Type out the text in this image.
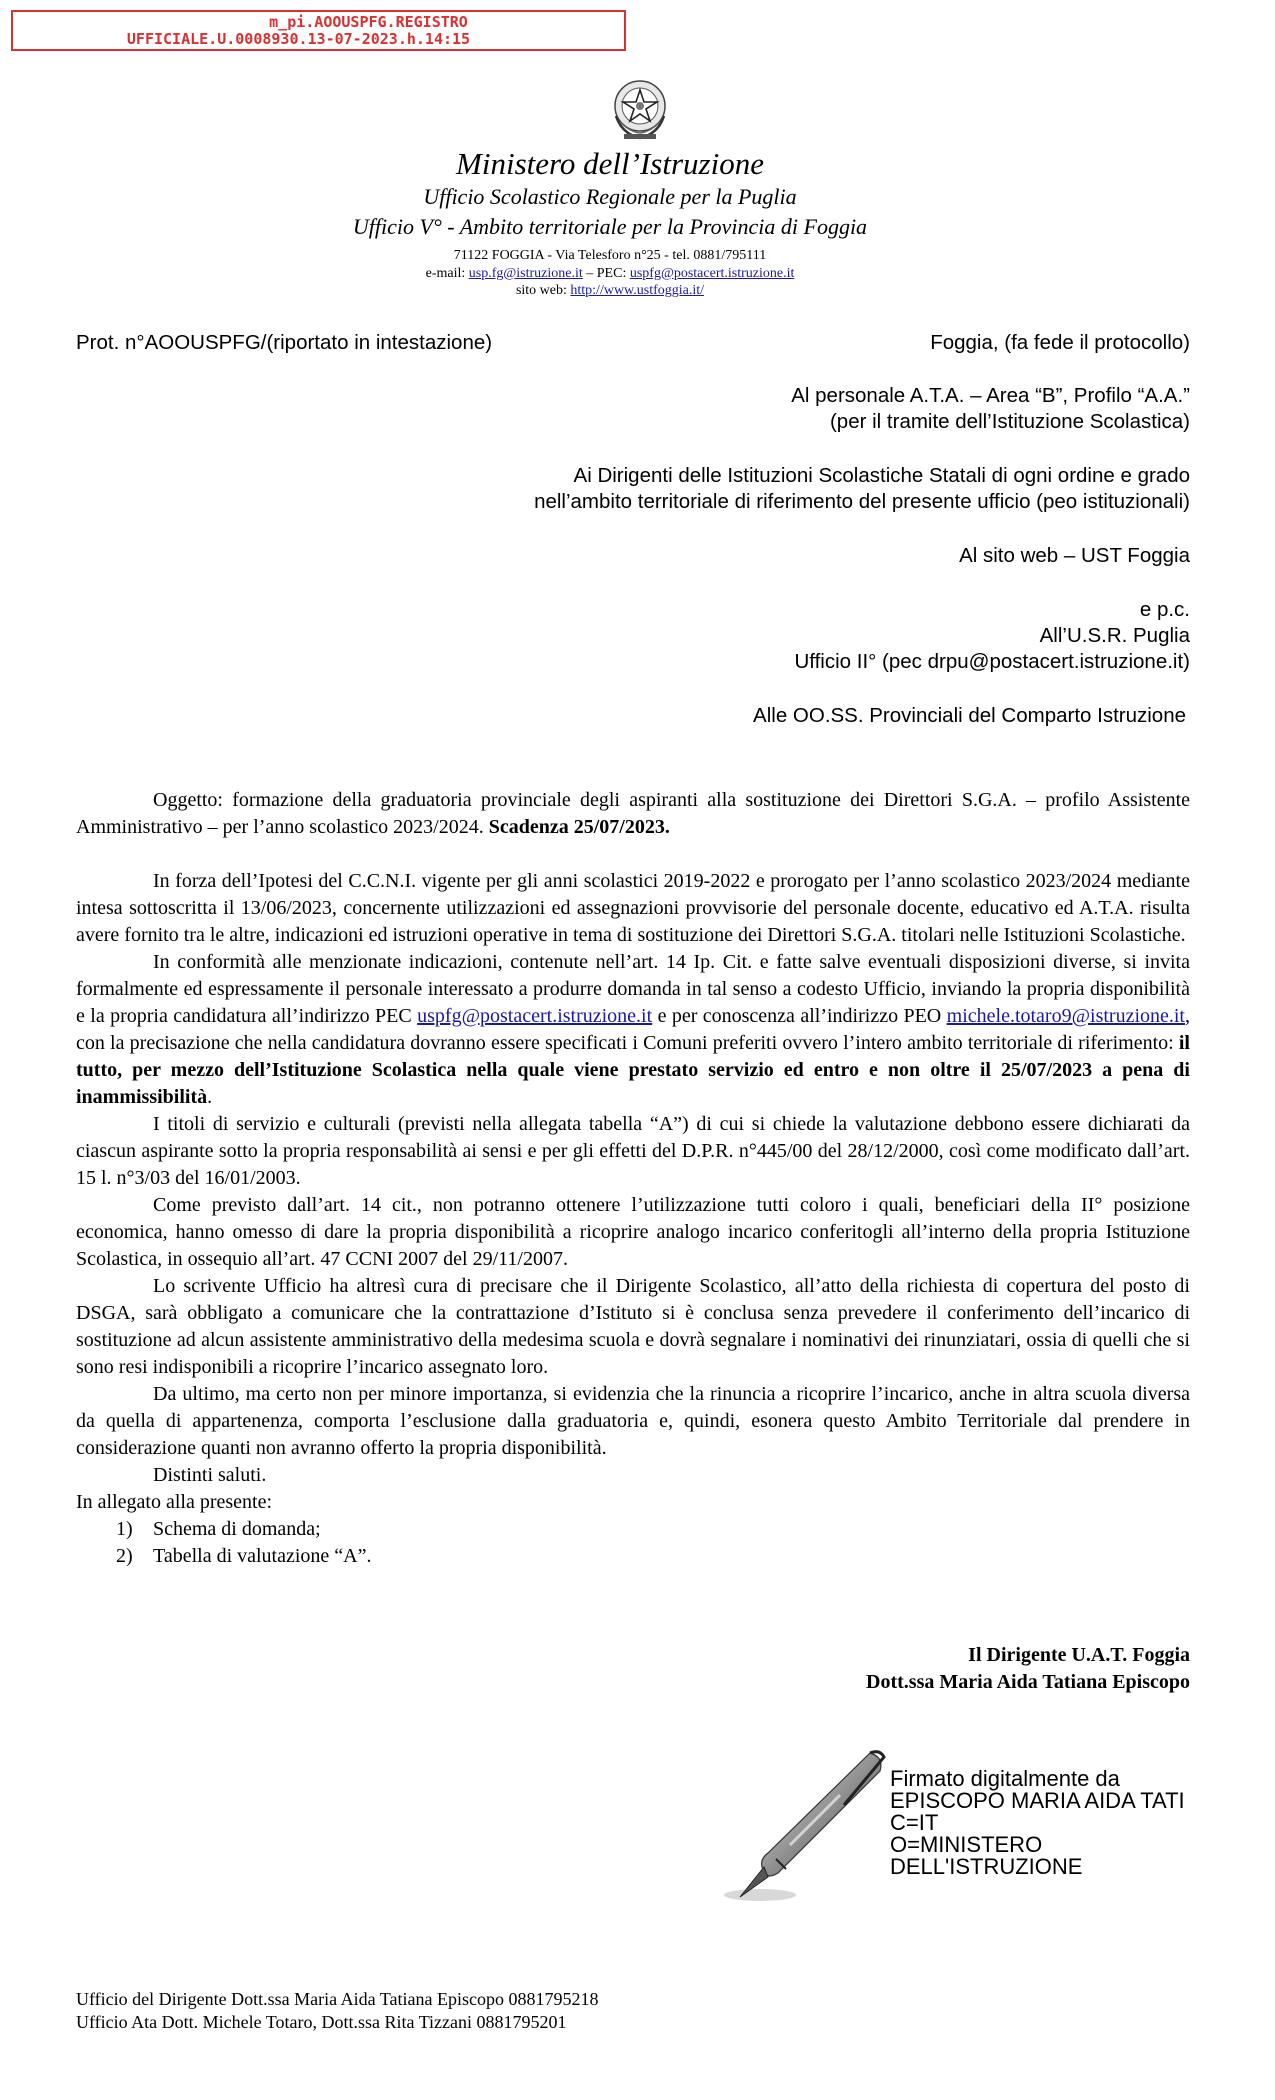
m_pi.AOOUSPFG.REGISTRO
UFFICIALE.U.0008930.13-07-2023.h.14:15
Ministero dell’Istruzione
Ufficio Scolastico Regionale per la Puglia
Ufficio V° - Ambito territoriale per la Provincia di Foggia
71122 FOGGIA - Via Telesforo n°25 - tel. 0881/795111
e-mail: usp.fg@istruzione.it – PEC: uspfg@postacert.istruzione.it
sito web: http://www.ustfoggia.it/
Prot. n°AOOUSPFG/(riportato in intestazione)	Foggia, (fa fede il protocollo)
Al personale A.T.A. – Area “B”, Profilo “A.A.”
(per il tramite dell’Istituzione Scolastica)
Ai Dirigenti delle Istituzioni Scolastiche Statali di ogni ordine e grado
nell’ambito territoriale di riferimento del presente ufficio (peo istituzionali)
Al sito web – UST Foggia
e p.c.
All’U.S.R. Puglia
Ufficio II° (pec drpu@postacert.istruzione.it)
Alle OO.SS. Provinciali del Comparto Istruzione

Oggetto: formazione della graduatoria provinciale degli aspiranti alla sostituzione dei Direttori S.G.A. – profilo Assistente Amministrativo – per l’anno scolastico 2023/2024. Scadenza 25/07/2023.

In forza dell’Ipotesi del C.C.N.I. vigente per gli anni scolastici 2019-2022 e prorogato per l’anno scolastico 2023/2024 mediante intesa sottoscritta il 13/06/2023, concernente utilizzazioni ed assegnazioni provvisorie del personale docente, educativo ed A.T.A. risulta avere fornito tra le altre, indicazioni ed istruzioni operative in tema di sostituzione dei Direttori S.G.A. titolari nelle Istituzioni Scolastiche.

In conformità alle menzionate indicazioni, contenute nell’art. 14 Ip. Cit. e fatte salve eventuali disposizioni diverse, si invita formalmente ed espressamente il personale interessato a produrre domanda in tal senso a codesto Ufficio, inviando la propria disponibilità e la propria candidatura all’indirizzo PEC uspfg@postacert.istruzione.it e per conoscenza all’indirizzo PEO michele.totaro9@istruzione.it, con la precisazione che nella candidatura dovranno essere specificati i Comuni preferiti ovvero l’intero ambito territoriale di riferimento: il tutto, per mezzo dell’Istituzione Scolastica nella quale viene prestato servizio ed entro e non oltre il 25/07/2023 a pena di inammissibilità.

I titoli di servizio e culturali (previsti nella allegata tabella “A”) di cui si chiede la valutazione debbono essere dichiarati da ciascun aspirante sotto la propria responsabilità ai sensi e per gli effetti del D.P.R. n°445/00 del 28/12/2000, così come modificato dall’art. 15 l. n°3/03 del 16/01/2003.

Come previsto dall’art. 14 cit., non potranno ottenere l’utilizzazione tutti coloro i quali, beneficiari della II° posizione economica, hanno omesso di dare la propria disponibilità a ricoprire analogo incarico conferitogli all’interno della propria Istituzione Scolastica, in ossequio all’art. 47 CCNI 2007 del 29/11/2007.

Lo scrivente Ufficio ha altresì cura di precisare che il Dirigente Scolastico, all’atto della richiesta di copertura del posto di DSGA, sarà obbligato a comunicare che la contrattazione d’Istituto si è conclusa senza prevedere il conferimento dell’incarico di sostituzione ad alcun assistente amministrativo della medesima scuola e dovrà segnalare i nominativi dei rinunziatari, ossia di quelli che si sono resi indisponibili a ricoprire l’incarico assegnato loro.

Da ultimo, ma certo non per minore importanza, si evidenzia che la rinuncia a ricoprire l’incarico, anche in altra scuola diversa da quella di appartenenza, comporta l’esclusione dalla graduatoria e, quindi, esonera questo Ambito Territoriale dal prendere in considerazione quanti non avranno offerto la propria disponibilità.

Distinti saluti.

In allegato alla presente:

1) Schema di domanda;
2) Tabella di valutazione “A”.
Il Dirigente U.A.T. Foggia
Dott.ssa Maria Aida Tatiana Episcopo
Firmato digitalmente da
EPISCOPO MARIA AIDA TATI
C=IT
O=MINISTERO
DELL'ISTRUZIONE
Ufficio del Dirigente Dott.ssa Maria Aida Tatiana Episcopo 0881795218
Ufficio Ata Dott. Michele Totaro, Dott.ssa Rita Tizzani 0881795201
